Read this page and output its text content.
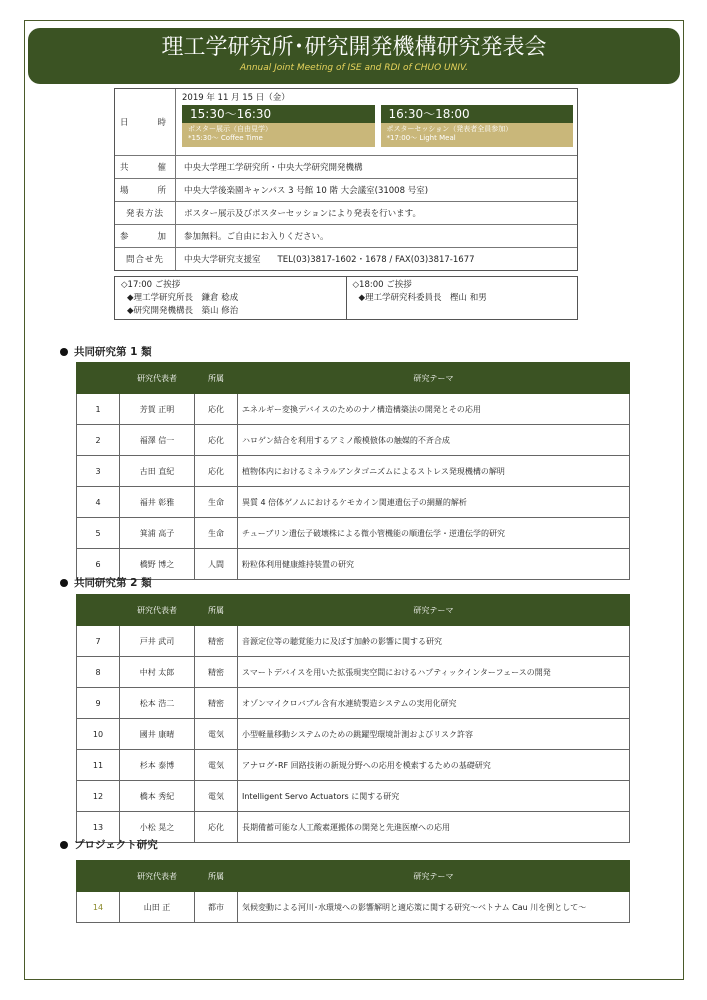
理工学研究所･研究開発機構研究発表会
Annual Joint Meeting of ISE and RDI of CHUO UNIV.
日　　時
2019 年 11 月 15 日（金）
15:30～16:30
ポスター展示（自由見学）
*15:30～ Coffee Time
16:30～18:00
ポスターセッション（発表者全員参加）
*17:00～ Light Meal
共　　催	中央大学理工学研究所・中央大学研究開発機構
場　　所	中央大学後楽園キャンパス 3 号館 10 階 大会議室(31008 号室)
発表方法	ポスター展示及びポスターセッションにより発表を行います。
参　　加	参加無料。ご自由にお入りください。
問合せ先	中央大学研究支援室　　TEL(03)3817-1602・1678 / FAX(03)3817-1677
◇17:00 ご挨拶
◆理工学研究所長　鎌倉 稔成
◆研究開発機構長　築山 修治
◇18:00 ご挨拶
◆理工学研究科委員長　樫山 和男
共同研究第 1 類
	研究代表者	所属	研究テーマ
1	芳賀 正明	応化	エネルギー変換デバイスのためのナノ構造構築法の開発とその応用
2	福澤 信一	応化	ハロゲン結合を利用するアミノ酸模倣体の触媒的不斉合成
3	古田 直紀	応化	植物体内におけるミネラルアンタゴニズムによるストレス発現機構の解明
4	福井 彰雅	生命	異質 4 倍体ゲノムにおけるケモカイン関連遺伝子の網羅的解析
5	箕浦 高子	生命	チューブリン遺伝子破壊株による微小管機能の順遺伝学・逆遺伝学的研究
6	橋野 博之	人間	粉粒体利用健康維持装置の研究
共同研究第 2 類
	研究代表者	所属	研究テーマ
7	戸井 武司	精密	音源定位等の聴覚能力に及ぼす加齢の影響に関する研究
8	中村 太郎	精密	スマートデバイスを用いた拡張現実空間におけるハプティックインターフェースの開発
9	松本 浩二	精密	オゾンマイクロバブル含有水連続製造システムの実用化研究
10	國井 康晴	電気	小型軽量移動システムのための跳躍型環境計測およびリスク許容
11	杉本 泰博	電気	アナログ･RF 回路技術の新規分野への応用を模索するための基礎研究
12	橋本 秀紀	電気	Intelligent Servo Actuators に関する研究
13	小松 晃之	応化	長期備蓄可能な人工酸素運搬体の開発と先進医療への応用
プロジェクト研究
	研究代表者	所属	研究テーマ
14	山田 正	都市	気候変動による河川･水環境への影響解明と適応策に関する研究～ベトナム Cau 川を例として～
